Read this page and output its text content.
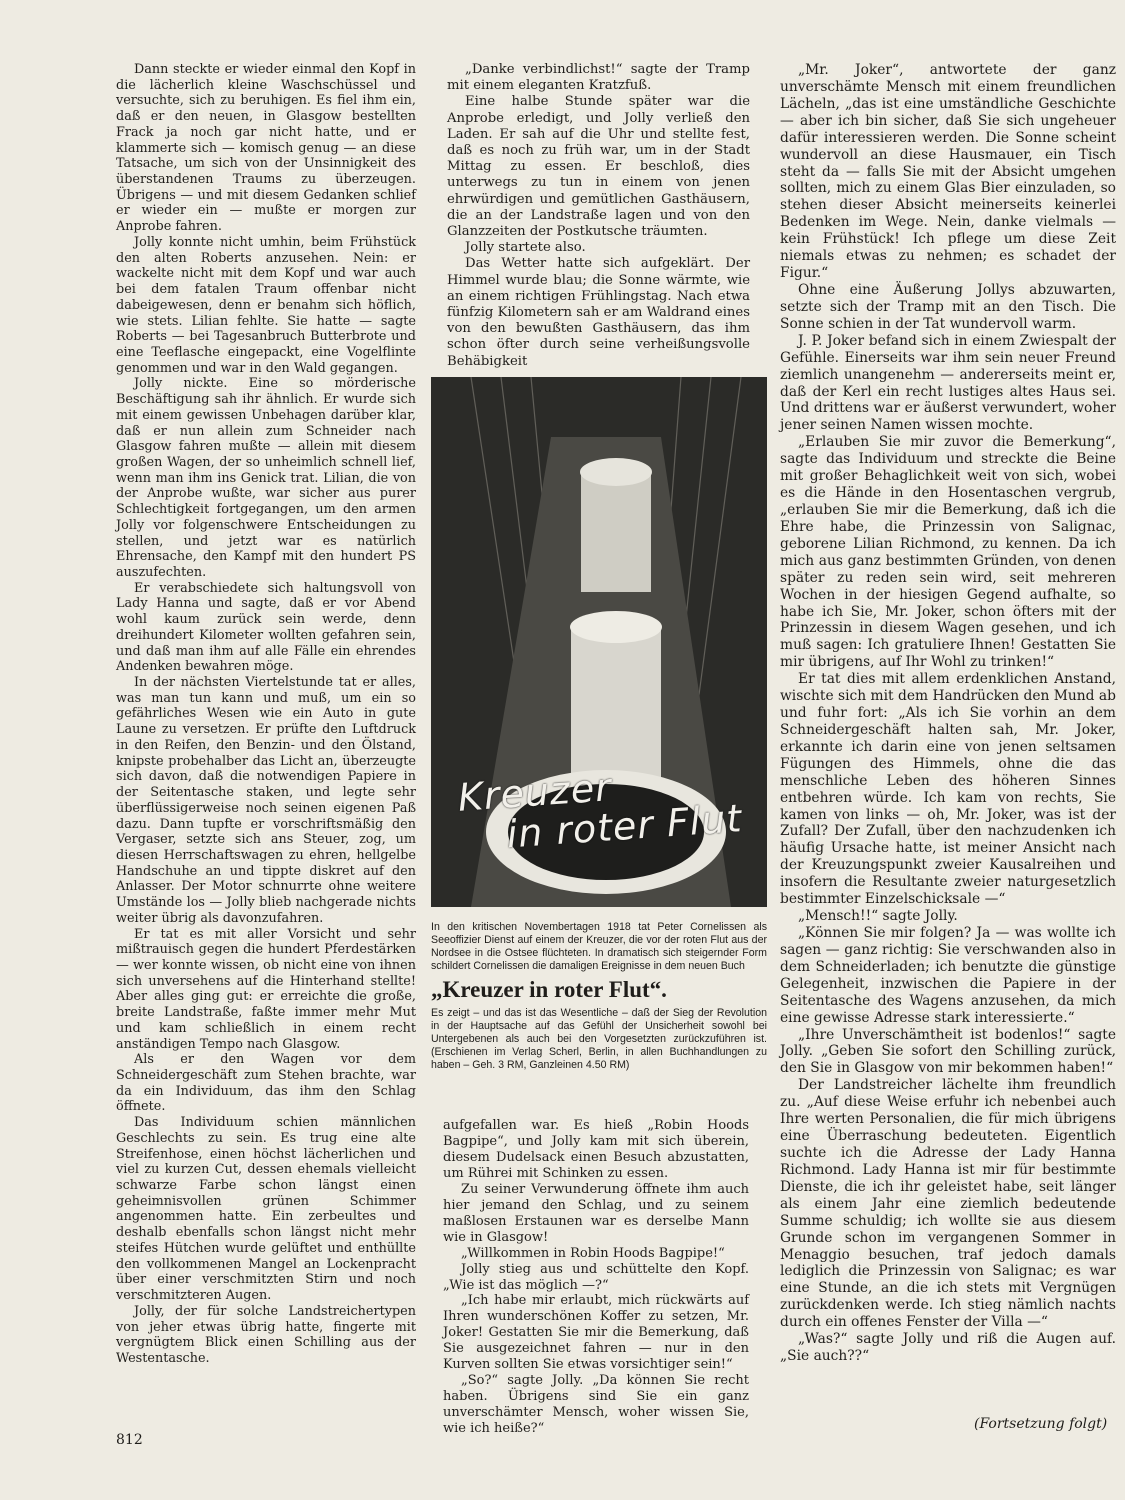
Dann steckte er wieder einmal den Kopf in die lächerlich kleine Waschschüssel und versuchte, sich zu beruhigen. Es fiel ihm ein, daß er den neuen, in Glasgow bestellten Frack ja noch gar nicht hatte, und er klammerte sich — komisch genug — an diese Tatsache, um sich von der Unsinnigkeit des überstandenen Traums zu überzeugen. Übrigens — und mit diesem Gedanken schlief er wieder ein — mußte er morgen zur Anprobe fahren.

Jolly konnte nicht umhin, beim Frühstück den alten Roberts anzusehen. Nein: er wackelte nicht mit dem Kopf und war auch bei dem fatalen Traum offenbar nicht dabeigewesen, denn er benahm sich höflich, wie stets. Lilian fehlte. Sie hatte — sagte Roberts — bei Tagesanbruch Butterbrote und eine Teeflasche eingepackt, eine Vogelflinte genommen und war in den Wald gegangen.

Jolly nickte. Eine so mörderische Beschäftigung sah ihr ähnlich. Er wurde sich mit einem gewissen Unbehagen darüber klar, daß er nun allein zum Schneider nach Glasgow fahren mußte — allein mit diesem großen Wagen, der so unheimlich schnell lief, wenn man ihm ins Genick trat. Lilian, die von der Anprobe wußte, war sicher aus purer Schlechtigkeit fortgegangen, um den armen Jolly vor folgenschwere Entscheidungen zu stellen, und jetzt war es natürlich Ehrensache, den Kampf mit den hundert PS auszufechten.

Er verabschiedete sich haltungsvoll von Lady Hanna und sagte, daß er vor Abend wohl kaum zurück sein werde, denn dreihundert Kilometer wollten gefahren sein, und daß man ihm auf alle Fälle ein ehrendes Andenken bewahren möge.

In der nächsten Viertelstunde tat er alles, was man tun kann und muß, um ein so gefährliches Wesen wie ein Auto in gute Laune zu versetzen. Er prüfte den Luftdruck in den Reifen, den Benzin- und den Ölstand, knipste probehalber das Licht an, überzeugte sich davon, daß die notwendigen Papiere in der Seitentasche staken, und legte sehr überflüssigerweise noch seinen eigenen Paß dazu. Dann tupfte er vorschriftsmäßig den Vergaser, setzte sich ans Steuer, zog, um diesen Herrschaftswagen zu ehren, hellgelbe Handschuhe an und tippte diskret auf den Anlasser. Der Motor schnurrte ohne weitere Umstände los — Jolly blieb nachgerade nichts weiter übrig als davonzufahren.

Er tat es mit aller Vorsicht und sehr mißtrauisch gegen die hundert Pferdestärken — wer konnte wissen, ob nicht eine von ihnen sich unversehens auf die Hinterhand stellte! Aber alles ging gut: er erreichte die große, breite Landstraße, faßte immer mehr Mut und kam schließlich in einem recht anständigen Tempo nach Glasgow.

Als er den Wagen vor dem Schneidergeschäft zum Stehen brachte, war da ein Individuum, das ihm den Schlag öffnete.

Das Individuum schien männlichen Geschlechts zu sein. Es trug eine alte Streifenhose, einen höchst lächerlichen und viel zu kurzen Cut, dessen ehemals vielleicht schwarze Farbe schon längst einen geheimnisvollen grünen Schimmer angenommen hatte. Ein zerbeultes und deshalb ebenfalls schon längst nicht mehr steifes Hütchen wurde gelüftet und enthüllte den vollkommenen Mangel an Lockenpracht über einer verschmitzten Stirn und noch verschmitzteren Augen.

Jolly, der für solche Landstreichertypen von jeher etwas übrig hatte, fingerte mit vergnügtem Blick einen Schilling aus der Westentasche.

„Danke verbindlichst!“ sagte der Tramp mit einem eleganten Kratzfuß.

Eine halbe Stunde später war die Anprobe erledigt, und Jolly verließ den Laden. Er sah auf die Uhr und stellte fest, daß es noch zu früh war, um in der Stadt Mittag zu essen. Er beschloß, dies unterwegs zu tun in einem von jenen ehrwürdigen und gemütlichen Gasthäusern, die an der Landstraße lagen und von den Glanzzeiten der Postkutsche träumten.

Jolly startete also.

Das Wetter hatte sich aufgeklärt. Der Himmel wurde blau; die Sonne wärmte, wie an einem richtigen Frühlingstag. Nach etwa fünfzig Kilometern sah er am Waldrand eines von den bewußten Gasthäusern, das ihm schon öfter durch seine verheißungsvolle Behäbigkeit

Kreuzer
in roter Flut

In den kritischen Novembertagen 1918 tat Peter Cornelissen als Seeoffizier Dienst auf einem der Kreuzer, die vor der roten Flut aus der Nordsee in die Ostsee flüchteten. In dramatisch sich steigernder Form schildert Cornelissen die damaligen Ereignisse in dem neuen Buch

„Kreuzer in roter Flut“.

Es zeigt – und das ist das Wesentliche – daß der Sieg der Revolution in der Hauptsache auf das Gefühl der Unsicherheit sowohl bei Untergebenen als auch bei den Vorgesetzten zurückzuführen ist. (Erschienen im Verlag Scherl, Berlin, in allen Buchhandlungen zu haben – Geh. 3 RM, Ganzleinen 4.50 RM)

aufgefallen war. Es hieß „Robin Hoods Bagpipe“, und Jolly kam mit sich überein, diesem Dudelsack einen Besuch abzustatten, um Rührei mit Schinken zu essen.

Zu seiner Verwunderung öffnete ihm auch hier jemand den Schlag, und zu seinem maßlosen Erstaunen war es derselbe Mann wie in Glasgow!

„Willkommen in Robin Hoods Bagpipe!“

Jolly stieg aus und schüttelte den Kopf. „Wie ist das möglich —?“

„Ich habe mir erlaubt, mich rückwärts auf Ihren wunderschönen Koffer zu setzen, Mr. Joker! Gestatten Sie mir die Bemerkung, daß Sie ausgezeichnet fahren — nur in den Kurven sollten Sie etwas vorsichtiger sein!“

„So?“ sagte Jolly. „Da können Sie recht haben. Übrigens sind Sie ein ganz unverschämter Mensch, woher wissen Sie, wie ich heiße?“

„Mr. Joker“, antwortete der ganz unverschämte Mensch mit einem freundlichen Lächeln, „das ist eine umständliche Geschichte — aber ich bin sicher, daß Sie sich ungeheuer dafür interessieren werden. Die Sonne scheint wundervoll an diese Hausmauer, ein Tisch steht da — falls Sie mit der Absicht umgehen sollten, mich zu einem Glas Bier einzuladen, so stehen dieser Absicht meinerseits keinerlei Bedenken im Wege. Nein, danke vielmals — kein Frühstück! Ich pflege um diese Zeit niemals etwas zu nehmen; es schadet der Figur.“

Ohne eine Äußerung Jollys abzuwarten, setzte sich der Tramp mit an den Tisch. Die Sonne schien in der Tat wundervoll warm.

J. P. Joker befand sich in einem Zwiespalt der Gefühle. Einerseits war ihm sein neuer Freund ziemlich unangenehm — andererseits meint er, daß der Kerl ein recht lustiges altes Haus sei. Und drittens war er äußerst verwundert, woher jener seinen Namen wissen mochte.

„Erlauben Sie mir zuvor die Bemerkung“, sagte das Individuum und streckte die Beine mit großer Behaglichkeit weit von sich, wobei es die Hände in den Hosentaschen vergrub, „erlauben Sie mir die Bemerkung, daß ich die Ehre habe, die Prinzessin von Salignac, geborene Lilian Richmond, zu kennen. Da ich mich aus ganz bestimmten Gründen, von denen später zu reden sein wird, seit mehreren Wochen in der hiesigen Gegend aufhalte, so habe ich Sie, Mr. Joker, schon öfters mit der Prinzessin in diesem Wagen gesehen, und ich muß sagen: Ich gratuliere Ihnen! Gestatten Sie mir übrigens, auf Ihr Wohl zu trinken!“

Er tat dies mit allem erdenklichen Anstand, wischte sich mit dem Handrücken den Mund ab und fuhr fort: „Als ich Sie vorhin an dem Schneidergeschäft halten sah, Mr. Joker, erkannte ich darin eine von jenen seltsamen Fügungen des Himmels, ohne die das menschliche Leben des höheren Sinnes entbehren würde. Ich kam von rechts, Sie kamen von links — oh, Mr. Joker, was ist der Zufall? Der Zufall, über den nachzudenken ich häufig Ursache hatte, ist meiner Ansicht nach der Kreuzungspunkt zweier Kausalreihen und insofern die Resultante zweier naturgesetzlich bestimmter Einzelschicksale —“

„Mensch!!“ sagte Jolly.

„Können Sie mir folgen? Ja — was wollte ich sagen — ganz richtig: Sie verschwanden also in dem Schneiderladen; ich benutzte die günstige Gelegenheit, inzwischen die Papiere in der Seitentasche des Wagens anzusehen, da mich eine gewisse Adresse stark interessierte.“

„Ihre Unverschämtheit ist bodenlos!“ sagte Jolly. „Geben Sie sofort den Schilling zurück, den Sie in Glasgow von mir bekommen haben!“

Der Landstreicher lächelte ihm freundlich zu. „Auf diese Weise erfuhr ich nebenbei auch Ihre werten Personalien, die für mich übrigens eine Überraschung bedeuteten. Eigentlich suchte ich die Adresse der Lady Hanna Richmond. Lady Hanna ist mir für bestimmte Dienste, die ich ihr geleistet habe, seit länger als einem Jahr eine ziemlich bedeutende Summe schuldig; ich wollte sie aus diesem Grunde schon im vergangenen Sommer in Menaggio besuchen, traf jedoch damals lediglich die Prinzessin von Salignac; es war eine Stunde, an die ich stets mit Vergnügen zurückdenken werde. Ich stieg nämlich nachts durch ein offenes Fenster der Villa —“

„Was?“ sagte Jolly und riß die Augen auf. „Sie auch??“

812
(Fortsetzung folgt)
